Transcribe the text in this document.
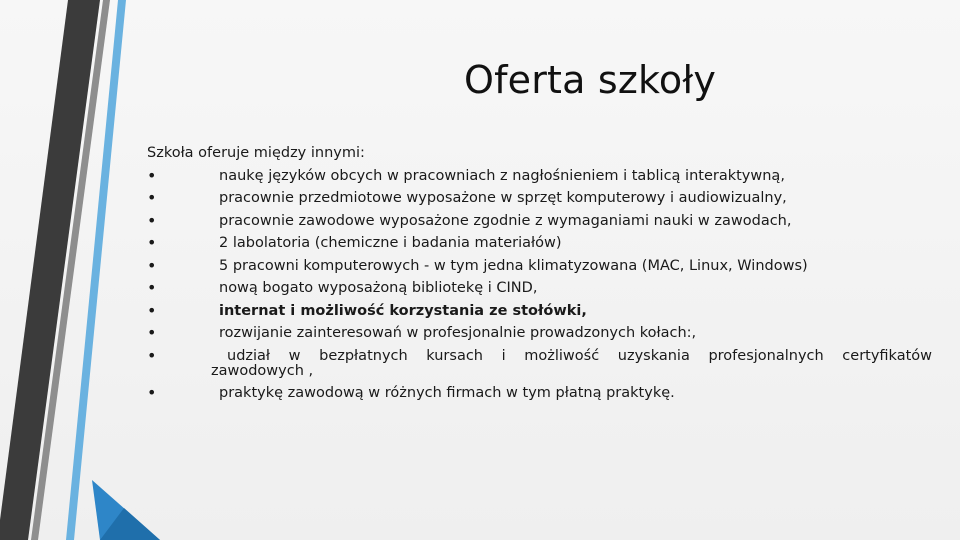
Oferta szkoły

Szkoła oferuje między innymi:

•	naukę języków obcych w pracowniach z nagłośnieniem i tablicą interaktywną,
•	pracownie przedmiotowe wyposażone w sprzęt komputerowy i audiowizualny,
•	pracownie zawodowe wyposażone zgodnie z wymaganiami nauki w zawodach,
•	2 labolatoria (chemiczne i badania materiałów)
•	5 pracowni komputerowych - w tym jedna klimatyzowana (MAC, Linux, Windows)
•	nową bogato wyposażoną bibliotekę i CIND,
•	internat i możliwość korzystania ze stołówki,
•	rozwijanie zainteresowań w profesjonalnie prowadzonych kołach:,
•	udział w bezpłatnych kursach i możliwość uzyskania profesjonalnych certyfikatów
zawodowych ,
•	praktykę zawodową w różnych firmach w tym płatną praktykę.
